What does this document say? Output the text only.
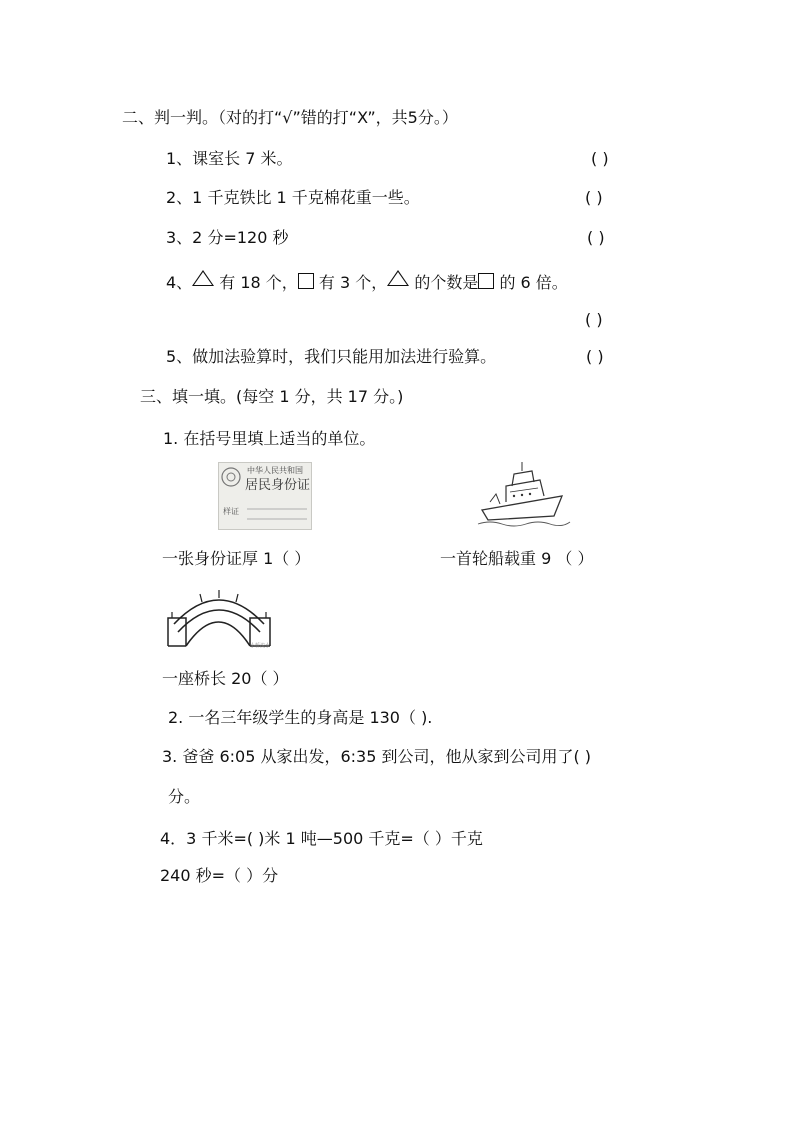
二、判一判。（对的打“√”错的打“X”，共5分。）
1、课室长 7 米。	( )
2、1 千克铁比 1 千克棉花重一些。	( )
3、2 分=120 秒	( )
4、 有 18 个， 有 3 个， 的个数是 的 6 倍。
( )
5、做加法验算时，我们只能用加法进行验算。	( )
三、填一填。(每空 1 分，共 17 分。)
1. 在括号里填上适当的单位。
中华人民共和国
居民身份证
样证
一张身份证厚 1（ ）	一首轮船载重 9 （ ）
小桥流水
一座桥长 20（ ）
2. 一名三年级学生的身高是 130（ ).
3. 爸爸 6:05 从家出发，6:35 到公司，他从家到公司用了( )
分。
4．3 千米=( )米 1 吨—500 千克=（ ）千克
240 秒=（ ）分
